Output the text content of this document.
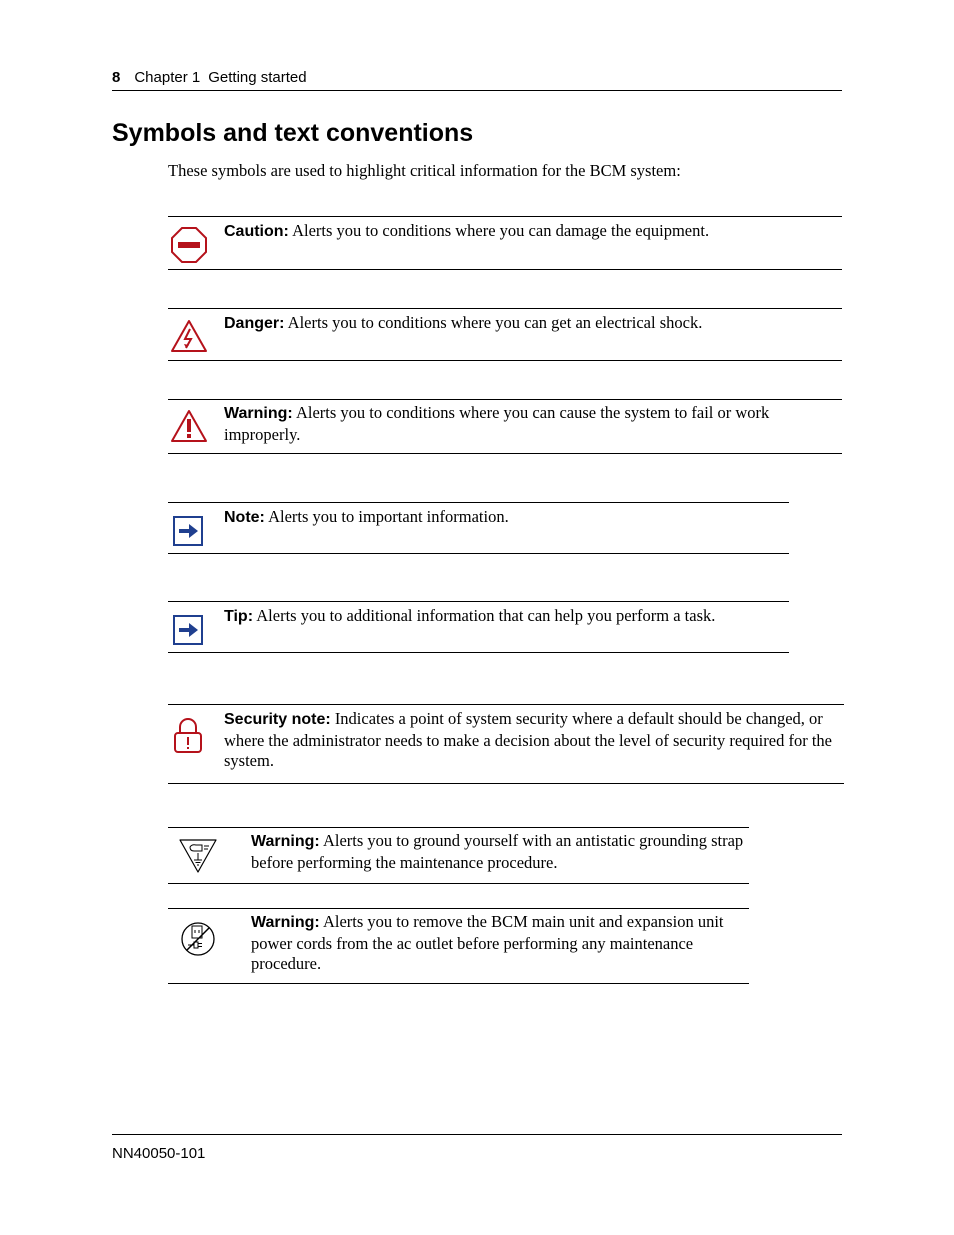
8 Chapter 1 Getting started
Symbols and text conventions
These symbols are used to highlight critical information for the BCM system:
Caution: Alerts you to conditions where you can damage the equipment.
Danger: Alerts you to conditions where you can get an electrical shock.
Warning: Alerts you to conditions where you can cause the system to fail or work improperly.
Note: Alerts you to important information.
Tip: Alerts you to additional information that can help you perform a task.
Security note: Indicates a point of system security where a default should be changed, or where the administrator needs to make a decision about the level of security required for the system.
Warning: Alerts you to ground yourself with an antistatic grounding strap before performing the maintenance procedure.
Warning: Alerts you to remove the BCM main unit and expansion unit power cords from the ac outlet before performing any maintenance procedure.
NN40050-101
